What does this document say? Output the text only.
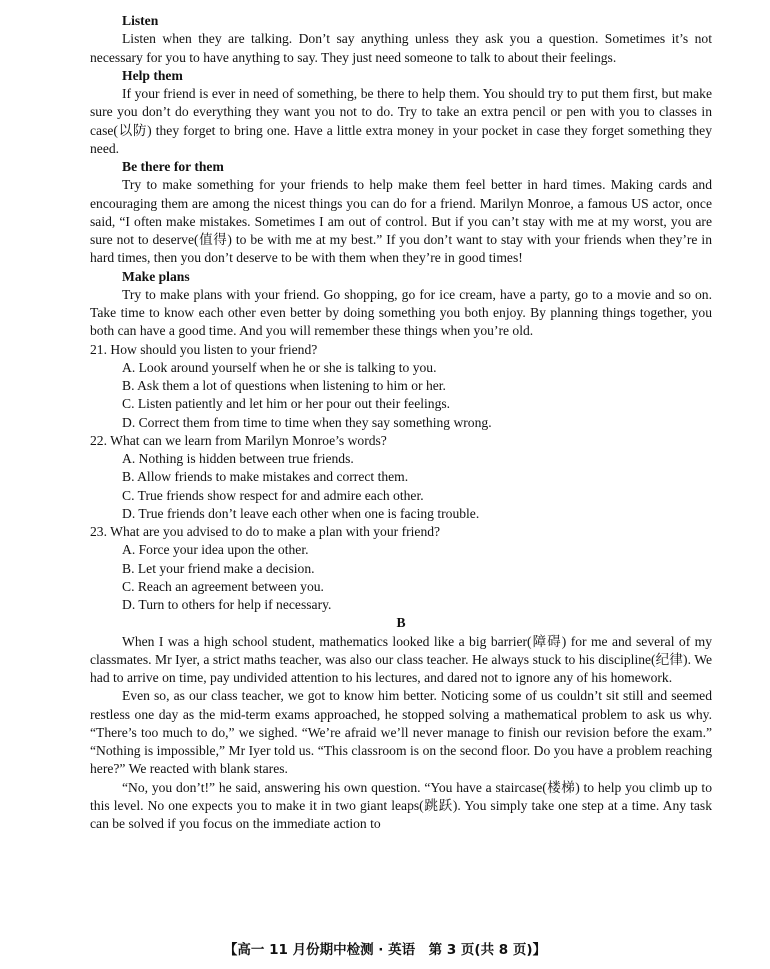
Listen
Listen when they are talking. Don’t say anything unless they ask you a question. Sometimes it’s not necessary for you to have anything to say. They just need someone to talk to about their feelings.
Help them
If your friend is ever in need of something, be there to help them. You should try to put them first, but make sure you don’t do everything they want you not to do. Try to take an extra pencil or pen with you to classes in case(以防) they forget to bring one. Have a little extra money in your pocket in case they forget something they need.
Be there for them
Try to make something for your friends to help make them feel better in hard times. Making cards and encouraging them are among the nicest things you can do for a friend. Marilyn Monroe, a famous US actor, once said, “I often make mistakes. Sometimes I am out of control. But if you can’t stay with me at my worst, you are sure not to deserve(值得) to be with me at my best.” If you don’t want to stay with your friends when they’re in hard times, then you don’t deserve to be with them when they’re in good times!
Make plans
Try to make plans with your friend. Go shopping, go for ice cream, have a party, go to a movie and so on. Take time to know each other even better by doing something you both enjoy. By planning things together, you both can have a good time. And you will remember these things when you’re old.
21. How should you listen to your friend?
A. Look around yourself when he or she is talking to you.
B. Ask them a lot of questions when listening to him or her.
C. Listen patiently and let him or her pour out their feelings.
D. Correct them from time to time when they say something wrong.
22. What can we learn from Marilyn Monroe’s words?
A. Nothing is hidden between true friends.
B. Allow friends to make mistakes and correct them.
C. True friends show respect for and admire each other.
D. True friends don’t leave each other when one is facing trouble.
23. What are you advised to do to make a plan with your friend?
A. Force your idea upon the other.
B. Let your friend make a decision.
C. Reach an agreement between you.
D. Turn to others for help if necessary.
B
When I was a high school student, mathematics looked like a big barrier(障碍) for me and several of my classmates. Mr Iyer, a strict maths teacher, was also our class teacher. He always stuck to his discipline(纪律). We had to arrive on time, pay undivided attention to his lectures, and dared not to ignore any of his homework.
Even so, as our class teacher, we got to know him better. Noticing some of us couldn’t sit still and seemed restless one day as the mid-term exams approached, he stopped solving a mathematical problem to ask us why. “There’s too much to do,” we sighed. “We’re afraid we’ll never manage to finish our revision before the exam.” “Nothing is impossible,” Mr Iyer told us. “This classroom is on the second floor. Do you have a problem reaching here?” We reacted with blank stares.
“No, you don’t!” he said, answering his own question. “You have a staircase(楼梯) to help you climb up to this level. No one expects you to make it in two giant leaps(跳跃). You simply take one step at a time. Any task can be solved if you focus on the immediate action to
【高一 11 月份期中检测 · 英语　第 3 页(共 8 页)】
